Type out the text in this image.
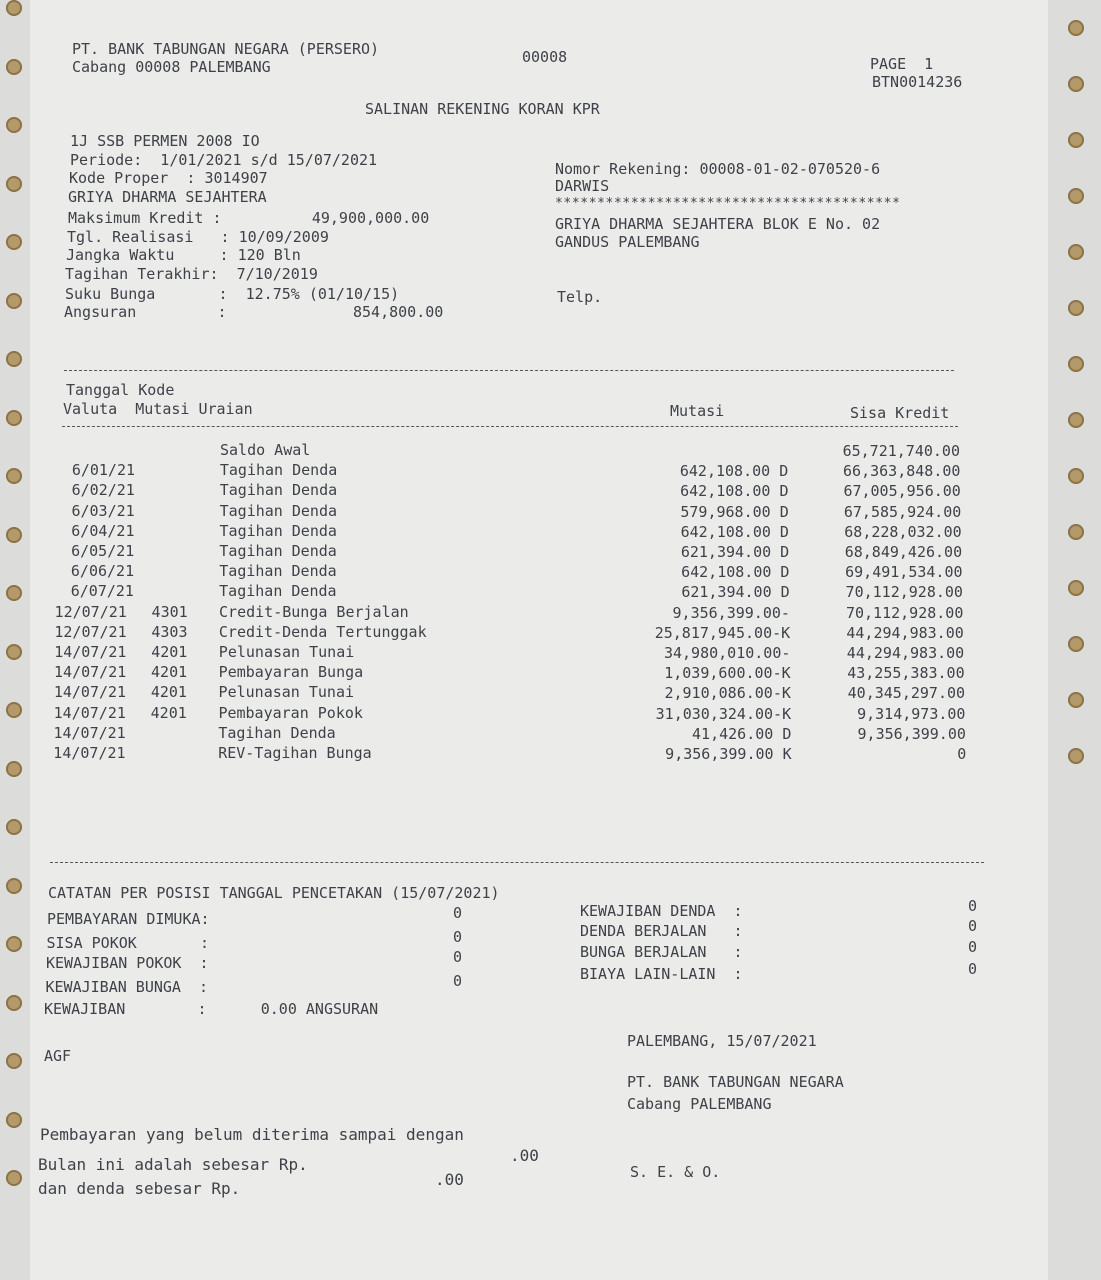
PT. BANK TABUNGAN NEGARA (PERSERO)
Cabang 00008 PALEMBANG
00008	PAGE  1
BTN0014236
SALINAN REKENING KORAN KPR
1J SSB PERMEN 2008 IO
Periode:  1/01/2021 s/d 15/07/2021
Kode Proper  : 3014907
GRIYA DHARMA SEJAHTERA
Maksimum Kredit :          49,900,000.00
Tgl. Realisasi   : 10/09/2009
Jangka Waktu     : 120 Bln
Tagihan Terakhir:  7/10/2019
Suku Bunga       :  12.75% (01/10/15)
Angsuran         :              854,800.00
Nomor Rekening: 00008-01-02-070520-6
DARWIS
*****************************************
GRIYA DHARMA SEJAHTERA BLOK E No. 02
GANDUS PALEMBANG
Telp.
Tanggal Kode
Valuta  Mutasi Uraian	Mutasi	Sisa Kredit
Saldo Awal	65,721,740.00
6/01/21	Tagihan Denda	642,108.00 D	66,363,848.00
6/02/21	Tagihan Denda	642,108.00 D	67,005,956.00
6/03/21	Tagihan Denda	579,968.00 D	67,585,924.00
6/04/21	Tagihan Denda	642,108.00 D	68,228,032.00
6/05/21	Tagihan Denda	621,394.00 D	68,849,426.00
6/06/21	Tagihan Denda	642,108.00 D	69,491,534.00
6/07/21	Tagihan Denda	621,394.00 D	70,112,928.00
12/07/21 4301 Credit-Bunga Berjalan	9,356,399.00-	70,112,928.00
12/07/21 4303 Credit-Denda Tertunggak	25,817,945.00-K	44,294,983.00
14/07/21 4201 Pelunasan Tunai	34,980,010.00-	44,294,983.00
14/07/21 4201 Pembayaran Bunga	1,039,600.00-K	43,255,383.00
14/07/21 4201 Pelunasan Tunai	2,910,086.00-K	40,345,297.00
14/07/21 4201 Pembayaran Pokok	31,030,324.00-K	9,314,973.00
14/07/21	Tagihan Denda	41,426.00 D	9,356,399.00
14/07/21	REV-Tagihan Bunga	9,356,399.00 K	0
CATATAN PER POSISI TANGGAL PENCETAKAN (15/07/2021)
PEMBAYARAN DIMUKA:	0
SISA POKOK       :	0
KEWAJIBAN POKOK  :	0
KEWAJIBAN BUNGA  :	0
KEWAJIBAN DENDA  :	0
DENDA BERJALAN   :	0
BUNGA BERJALAN   :	0
BIAYA LAIN-LAIN  :	0
KEWAJIBAN        :      0.00 ANGSURAN
AGF
PALEMBANG, 15/07/2021
PT. BANK TABUNGAN NEGARA
Cabang PALEMBANG
Pembayaran yang belum diterima sampai dengan
Bulan ini adalah sebesar Rp.	.00
dan denda sebesar Rp.	.00	S. E. & O.
